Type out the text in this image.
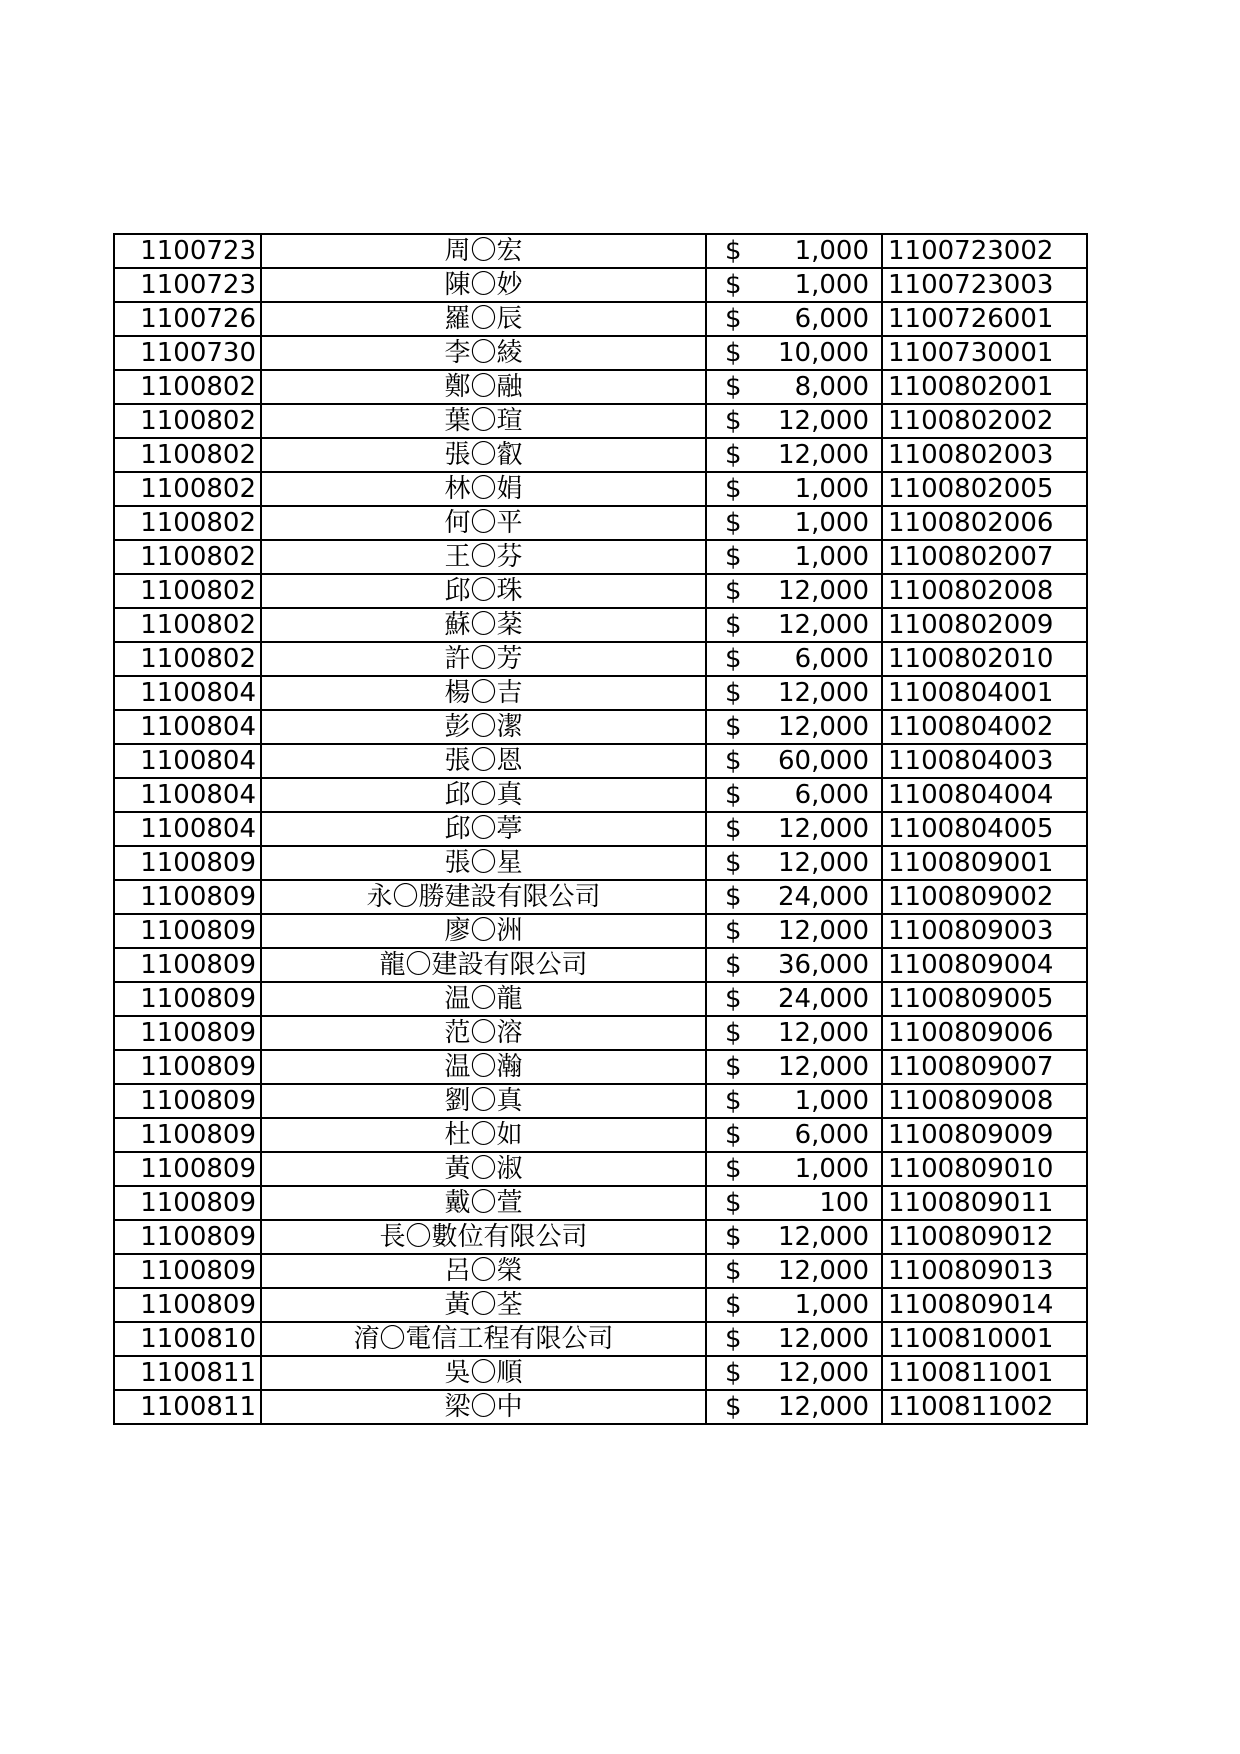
1100723	周〇宏	$ 1,000	1100723002
1100723	陳〇妙	$ 1,000	1100723003
1100726	羅〇辰	$ 6,000	1100726001
1100730	李〇綾	$ 10,000	1100730001
1100802	鄭〇融	$ 8,000	1100802001
1100802	葉〇瑄	$ 12,000	1100802002
1100802	張〇叡	$ 12,000	1100802003
1100802	林〇娟	$ 1,000	1100802005
1100802	何〇平	$ 1,000	1100802006
1100802	王〇芬	$ 1,000	1100802007
1100802	邱〇珠	$ 12,000	1100802008
1100802	蘇〇棻	$ 12,000	1100802009
1100802	許〇芳	$ 6,000	1100802010
1100804	楊〇吉	$ 12,000	1100804001
1100804	彭〇潔	$ 12,000	1100804002
1100804	張〇恩	$ 60,000	1100804003
1100804	邱〇真	$ 6,000	1100804004
1100804	邱〇葶	$ 12,000	1100804005
1100809	張〇星	$ 12,000	1100809001
1100809	永〇勝建設有限公司	$ 24,000	1100809002
1100809	廖〇洲	$ 12,000	1100809003
1100809	龍〇建設有限公司	$ 36,000	1100809004
1100809	温〇龍	$ 24,000	1100809005
1100809	范〇溶	$ 12,000	1100809006
1100809	温〇瀚	$ 12,000	1100809007
1100809	劉〇真	$ 1,000	1100809008
1100809	杜〇如	$ 6,000	1100809009
1100809	黃〇淑	$ 1,000	1100809010
1100809	戴〇萱	$ 100	1100809011
1100809	長〇數位有限公司	$ 12,000	1100809012
1100809	呂〇榮	$ 12,000	1100809013
1100809	黃〇荃	$ 1,000	1100809014
1100810	淯〇電信工程有限公司	$ 12,000	1100810001
1100811	吳〇順	$ 12,000	1100811001
1100811	梁〇中	$ 12,000	1100811002
